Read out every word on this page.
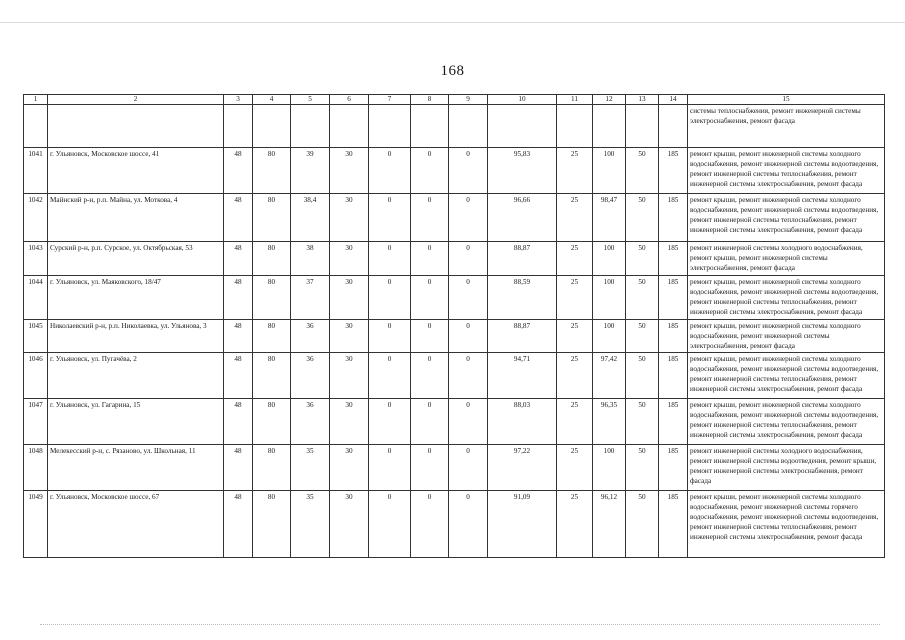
168
1	2	3	4	5	6	7	8	9	10	11	12	13	14	15
														системы теплоснабжения, ремонт инженерной системы электроснабжения, ремонт фасада
1041	г. Ульяновск, Московское шоссе, 41	48	80	39	30	0	0	0	95,83	25	100	50	185	ремонт крыши, ремонт инженерной системы холодного водоснабжения, ремонт инженерной системы водоотведения, ремонт инженерной системы теплоснабжения, ремонт инженерной системы электроснабжения, ремонт фасада
1042	Майнский р-н, р.п. Майна, ул. Моткова, 4	48	80	38,4	30	0	0	0	96,66	25	98,47	50	185	ремонт крыши, ремонт инженерной системы холодного водоснабжения, ремонт инженерной системы водоотведения, ремонт инженерной системы теплоснабжения, ремонт инженерной системы электроснабжения, ремонт фасада
1043	Сурский р-н, р.п. Сурское, ул. Октябрьская, 53	48	80	38	30	0	0	0	88,87	25	100	50	185	ремонт инженерной системы холодного водоснабжения, ремонт крыши, ремонт инженерной системы электроснабжения, ремонт фасада
1044	г. Ульяновск, ул. Маяковского, 18/47	48	80	37	30	0	0	0	88,59	25	100	50	185	ремонт крыши, ремонт инженерной системы холодного водоснабжения, ремонт инженерной системы водоотведения, ремонт инженерной системы теплоснабжения, ремонт инженерной системы электроснабжения, ремонт фасада
1045	Николаевский р-н, р.п. Николаевка, ул. Ульянова, 3	48	80	36	30	0	0	0	88,87	25	100	50	185	ремонт крыши, ремонт инженерной системы холодного водоснабжения, ремонт инженерной системы электроснабжения, ремонт фасада
1046	г. Ульяновск, ул. Пугачёва, 2	48	80	36	30	0	0	0	94,71	25	97,42	50	185	ремонт крыши, ремонт инженерной системы холодного водоснабжения, ремонт инженерной системы водоотведения, ремонт инженерной системы теплоснабжения, ремонт инженерной системы электроснабжения, ремонт фасада
1047	г. Ульяновск, ул. Гагарина, 15	48	80	36	30	0	0	0	88,03	25	96,35	50	185	ремонт крыши, ремонт инженерной системы холодного водоснабжения, ремонт инженерной системы водоотведения, ремонт инженерной системы теплоснабжения, ремонт инженерной системы электроснабжения, ремонт фасада
1048	Мелекесский р-н, с. Рязаново, ул. Школьная, 11	48	80	35	30	0	0	0	97,22	25	100	50	185	ремонт инженерной системы холодного водоснабжения, ремонт инженерной системы водоотведения, ремонт крыши, ремонт инженерной системы электроснабжения, ремонт фасада
1049	г. Ульяновск, Московское шоссе, 67	48	80	35	30	0	0	0	91,09	25	96,12	50	185	ремонт крыши, ремонт инженерной системы холодного водоснабжения, ремонт инженерной системы горячего водоснабжения, ремонт инженерной системы водоотведения, ремонт инженерной системы теплоснабжения, ремонт инженерной системы электроснабжения, ремонт фасада
